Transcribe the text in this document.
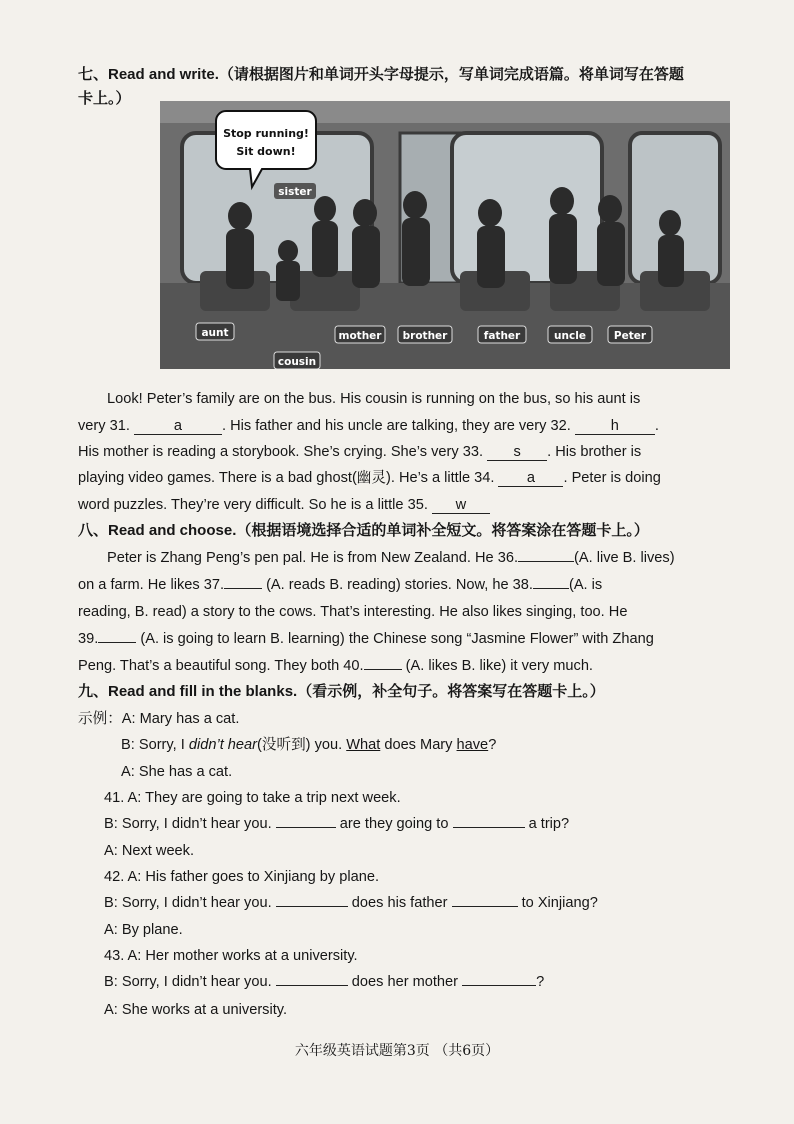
七、Read and write.（请根据图片和单词开头字母提示，写单词完成语篇。将单词写在答题
卡上。）
Stop running!
Sit down!
sister
aunt
cousin
mother brother	father	uncle	Peter
Look! Peter’s family are on the bus. His cousin is running on the bus, so his aunt is
very 31.	a	. His father and his uncle are talking, they are very 32. h .
His mother is reading a storybook. She’s crying. She’s very 33. s . His brother is
playing video games. There is a bad ghost(幽灵). He’s a little 34. a . Peter is doing
word puzzles. They’re very difficult. So he is a little 35. w
八、Read and choose.（根据语境选择合适的单词补全短文。将答案涂在答题卡上。）
Peter is Zhang Peng’s pen pal. He is from New Zealand. He 36.	(A. live B. lives)
on a farm. He likes 37.	(A. reads B. reading) stories. Now, he 38. (A. is
reading, B. read) a story to the cows. That’s interesting. He also likes singing, too. He
39.	(A. is going to learn B. learning) the Chinese song “Jasmine Flower” with Zhang
Peng. That’s a beautiful song. They both 40.	(A. likes B. like) it very much.
九、Read and fill in the blanks.（看示例，补全句子。将答案写在答题卡上。）
示例：A: Mary has a cat.
B: Sorry, I didn’t hear(没听到) you. What does Mary have?
A: She has a cat.
41. A: They are going to take a trip next week.
B: Sorry, I didn’t hear you.	are they going to	a trip?
A: Next week.
42. A: His father goes to Xinjiang by plane.
B: Sorry, I didn’t hear you.	does his father	to Xinjiang?
A: By plane.
43. A: Her mother works at a university.
B: Sorry, I didn’t hear you.	does her mother	?
A: She works at a university.
六年级英语试题第3页 （共6页）
